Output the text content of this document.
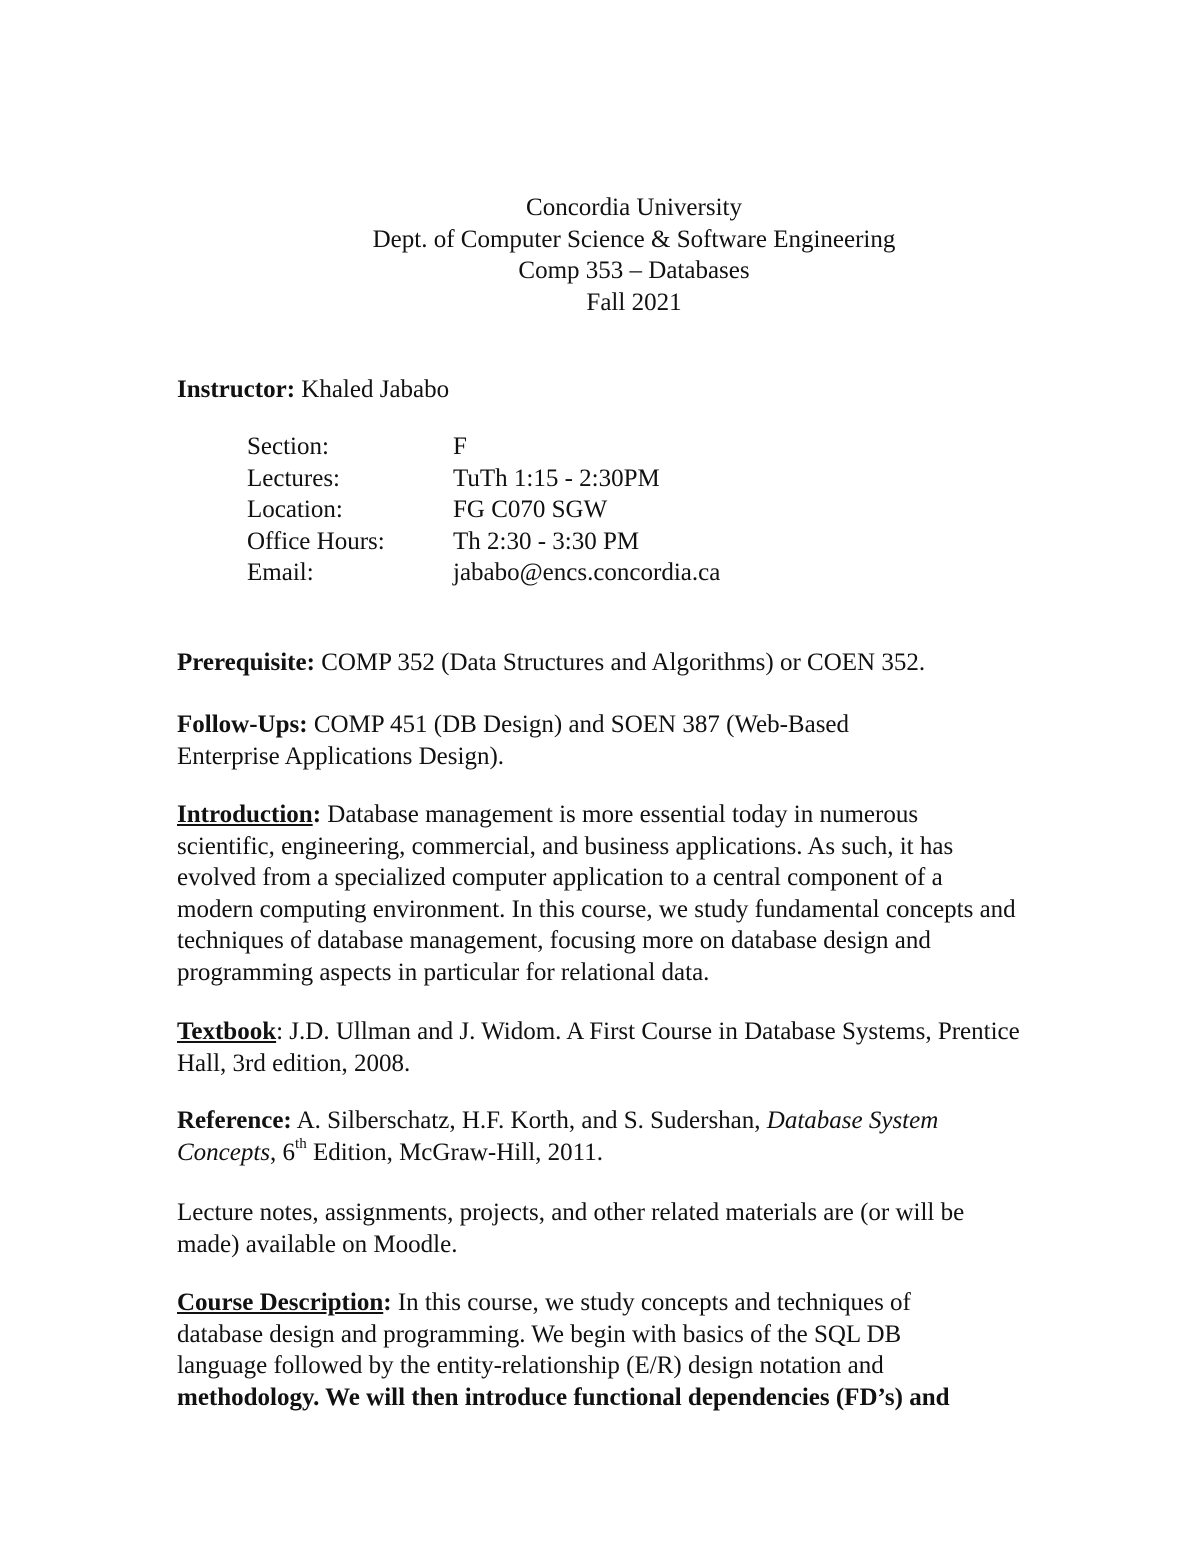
Concordia University
Dept. of Computer Science & Software Engineering
Comp 353 – Databases
Fall 2021
Instructor: Khaled Jababo
Section:	F
Lectures:	TuTh 1:15 - 2:30PM
Location:	FG C070 SGW
Office Hours:	Th 2:30 - 3:30 PM
Email:	jababo@encs.concordia.ca
Prerequisite: COMP 352 (Data Structures and Algorithms) or COEN 352.
Follow-Ups: COMP 451 (DB Design) and SOEN 387 (Web-Based Enterprise Applications Design).
Introduction: Database management is more essential today in numerous scientific, engineering, commercial, and business applications. As such, it has evolved from a specialized computer application to a central component of a modern computing environment. In this course, we study fundamental concepts and techniques of database management, focusing more on database design and programming aspects in particular for relational data.
Textbook: J.D. Ullman and J. Widom. A First Course in Database Systems, Prentice Hall, 3rd edition, 2008.
Reference: A. Silberschatz, H.F. Korth, and S. Sudershan, Database System Concepts, 6th Edition, McGraw-Hill, 2011.
Lecture notes, assignments, projects, and other related materials are (or will be made) available on Moodle.
Course Description: In this course, we study concepts and techniques of database design and programming. We begin with basics of the SQL DB language followed by the entity-relationship (E/R) design notation and methodology. We will then introduce functional dependencies (FD’s) and
